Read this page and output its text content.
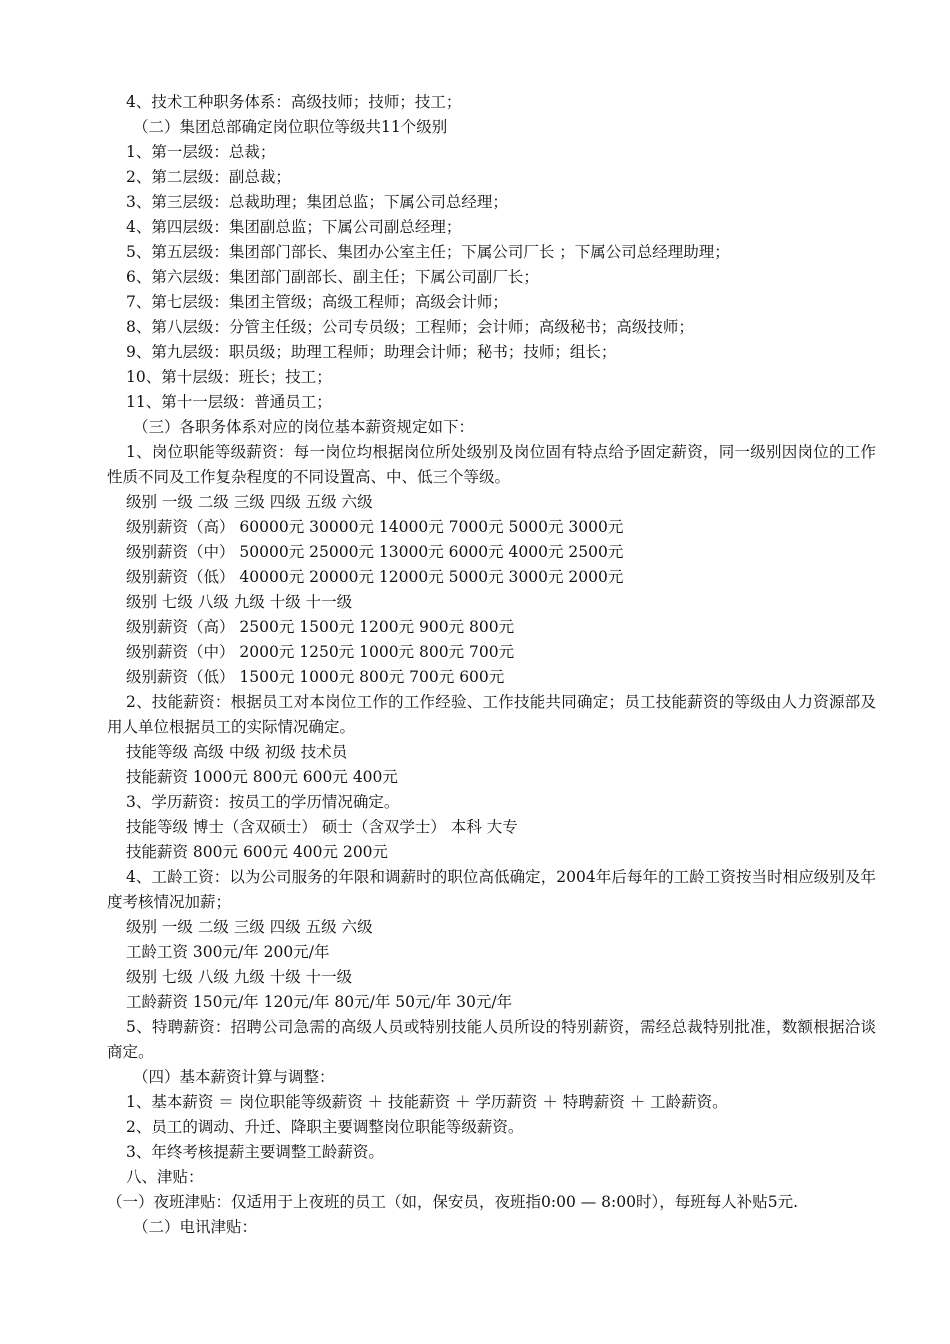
4、技术工种职务体系：高级技师；技师；技工；
（二）集团总部确定岗位职位等级共11个级别
1、第一层级：总裁；
2、第二层级：副总裁；
3、第三层级：总裁助理；集团总监；下属公司总经理；
4、第四层级：集团副总监；下属公司副总经理；
5、第五层级：集团部门部长、集团办公室主任；下属公司厂长 ；下属公司总经理助理；
6、第六层级：集团部门副部长、副主任；下属公司副厂长；
7、第七层级：集团主管级；高级工程师；高级会计师；
8、第八层级：分管主任级；公司专员级；工程师；会计师；高级秘书；高级技师；
9、第九层级：职员级；助理工程师；助理会计师；秘书；技师；组长；
10、第十层级：班长；技工；
11、第十一层级：普通员工；
（三）各职务体系对应的岗位基本薪资规定如下：
1、岗位职能等级薪资：每一岗位均根据岗位所处级别及岗位固有特点给予固定薪资，同一级别因岗位的工作性质不同及工作复杂程度的不同设置高、中、低三个等级。
级别 一级 二级 三级 四级 五级 六级
级别薪资（高） 60000元 30000元 14000元 7000元 5000元 3000元
级别薪资（中） 50000元 25000元 13000元 6000元 4000元 2500元
级别薪资（低） 40000元 20000元 12000元 5000元 3000元 2000元
级别 七级 八级 九级 十级 十一级
级别薪资（高） 2500元 1500元 1200元 900元 800元
级别薪资（中） 2000元 1250元 1000元 800元 700元
级别薪资（低） 1500元 1000元 800元 700元 600元
2、技能薪资：根据员工对本岗位工作的工作经验、工作技能共同确定；员工技能薪资的等级由人力资源部及用人单位根据员工的实际情况确定。
技能等级 高级 中级 初级 技术员
技能薪资 1000元 800元 600元 400元
3、学历薪资：按员工的学历情况确定。
技能等级 博士（含双硕士） 硕士（含双学士） 本科 大专
技能薪资 800元 600元 400元 200元
4、工龄工资：以为公司服务的年限和调薪时的职位高低确定，2004年后每年的工龄工资按当时相应级别及年度考核情况加薪；
级别 一级 二级 三级 四级 五级 六级
工龄工资 300元/年 200元/年
级别 七级 八级 九级 十级 十一级
工龄薪资 150元/年 120元/年 80元/年 50元/年 30元/年
5、特聘薪资：招聘公司急需的高级人员或特别技能人员所设的特别薪资，需经总裁特别批准，数额根据洽谈商定。
（四）基本薪资计算与调整：
1、基本薪资 ＝ 岗位职能等级薪资 ＋ 技能薪资 ＋ 学历薪资 ＋ 特聘薪资 ＋ 工龄薪资。
2、员工的调动、升迁、降职主要调整岗位职能等级薪资。
3、年终考核提薪主要调整工龄薪资。
八、津贴：
（一）夜班津贴：仅适用于上夜班的员工（如，保安员，夜班指0:00 — 8:00时），每班每人补贴5元.
（二）电讯津贴：
